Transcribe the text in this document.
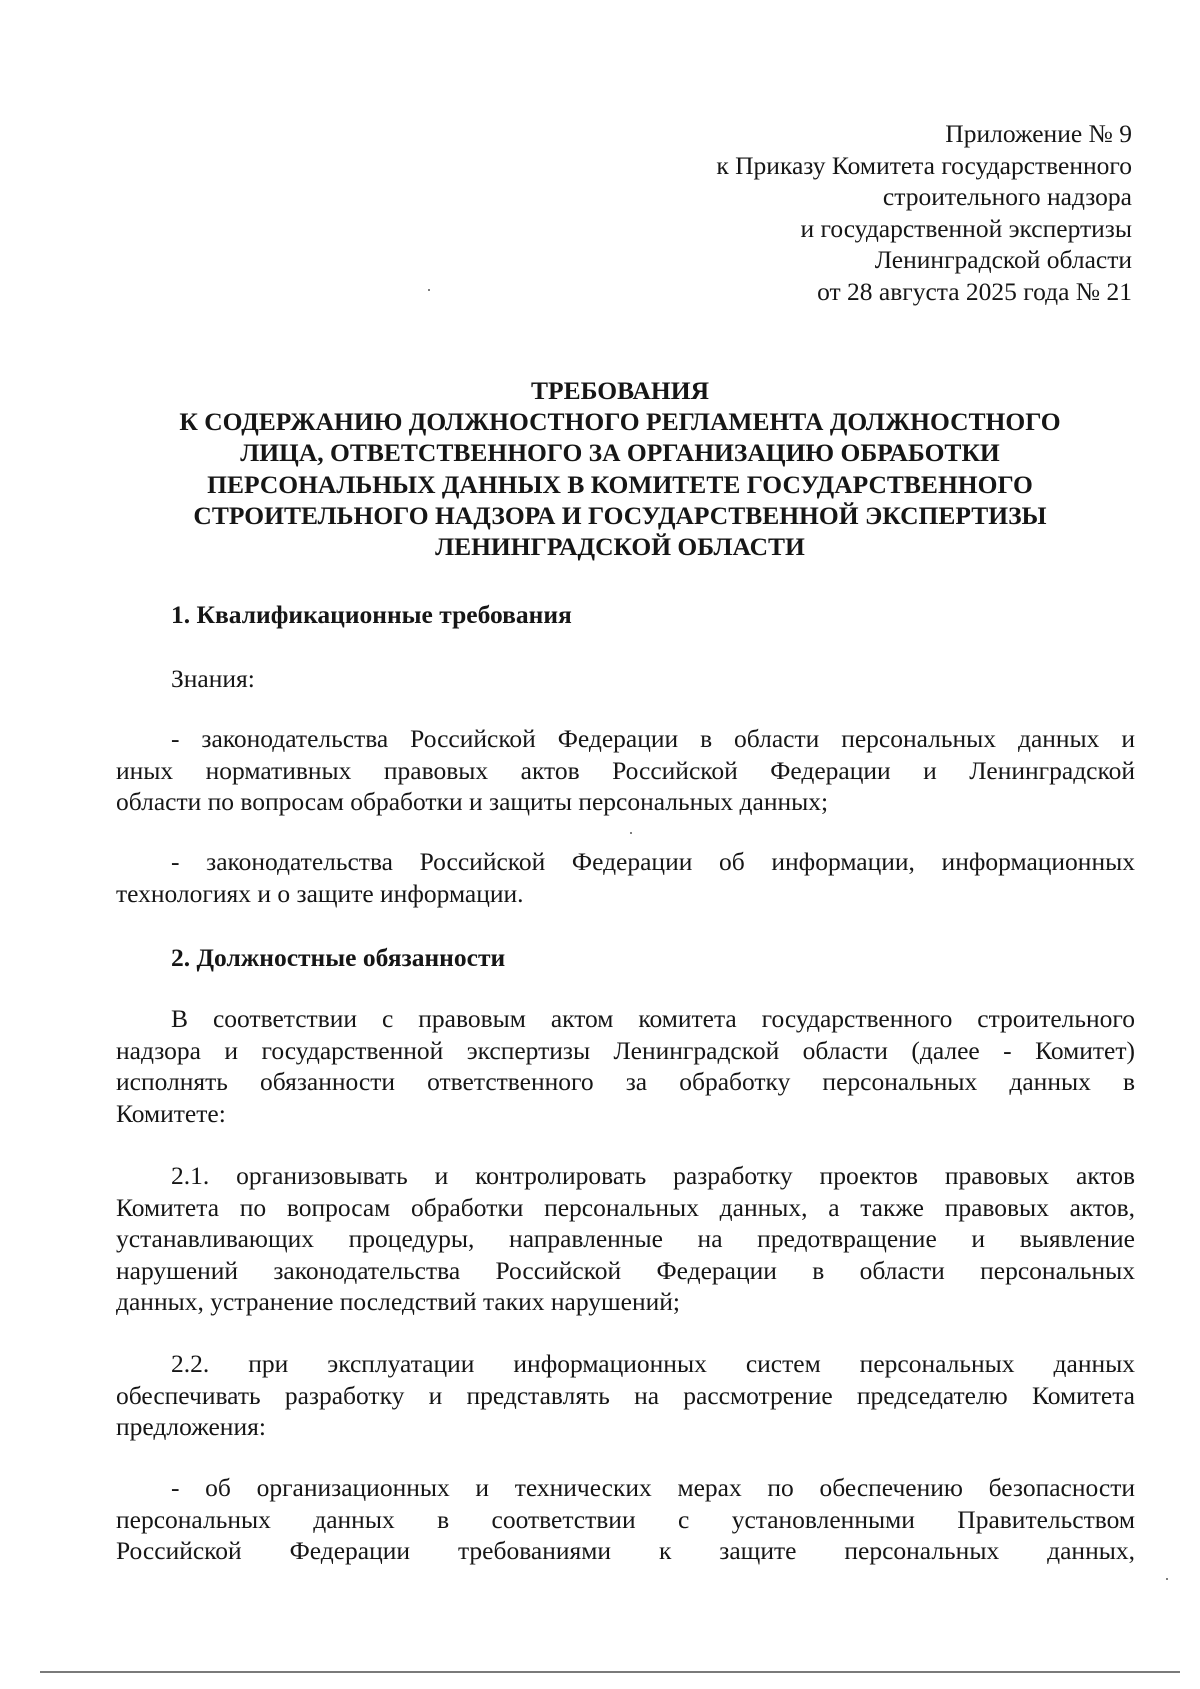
Приложение № 9
к Приказу Комитета государственного
строительного надзора
и государственной экспертизы
Ленинградской области
от 28 августа 2025 года № 21
ТРЕБОВАНИЯ
К СОДЕРЖАНИЮ ДОЛЖНОСТНОГО РЕГЛАМЕНТА ДОЛЖНОСТНОГО
ЛИЦА, ОТВЕТСТВЕННОГО ЗА ОРГАНИЗАЦИЮ ОБРАБОТКИ
ПЕРСОНАЛЬНЫХ ДАННЫХ В КОМИТЕТЕ ГОСУДАРСТВЕННОГО
СТРОИТЕЛЬНОГО НАДЗОРА И ГОСУДАРСТВЕННОЙ ЭКСПЕРТИЗЫ
ЛЕНИНГРАДСКОЙ ОБЛАСТИ
1. Квалификационные требования
Знания:
- законодательства Российской Федерации в области персональных данных и
иных нормативных правовых актов Российской Федерации и Ленинградской
области по вопросам обработки и защиты персональных данных;
- законодательства Российской Федерации об информации, информационных
технологиях и о защите информации.
2. Должностные обязанности
В соответствии с правовым актом комитета государственного строительного
надзора и государственной экспертизы Ленинградской области (далее - Комитет)
исполнять обязанности ответственного за обработку персональных данных в
Комитете:
2.1. организовывать и контролировать разработку проектов правовых актов
Комитета по вопросам обработки персональных данных, а также правовых актов,
устанавливающих процедуры, направленные на предотвращение и выявление
нарушений законодательства Российской Федерации в области персональных
данных, устранение последствий таких нарушений;
2.2. при эксплуатации информационных систем персональных данных
обеспечивать разработку и представлять на рассмотрение председателю Комитета
предложения:
- об организационных и технических мерах по обеспечению безопасности
персональных данных в соответствии с установленными Правительством
Российской Федерации требованиями к защите персональных данных,
